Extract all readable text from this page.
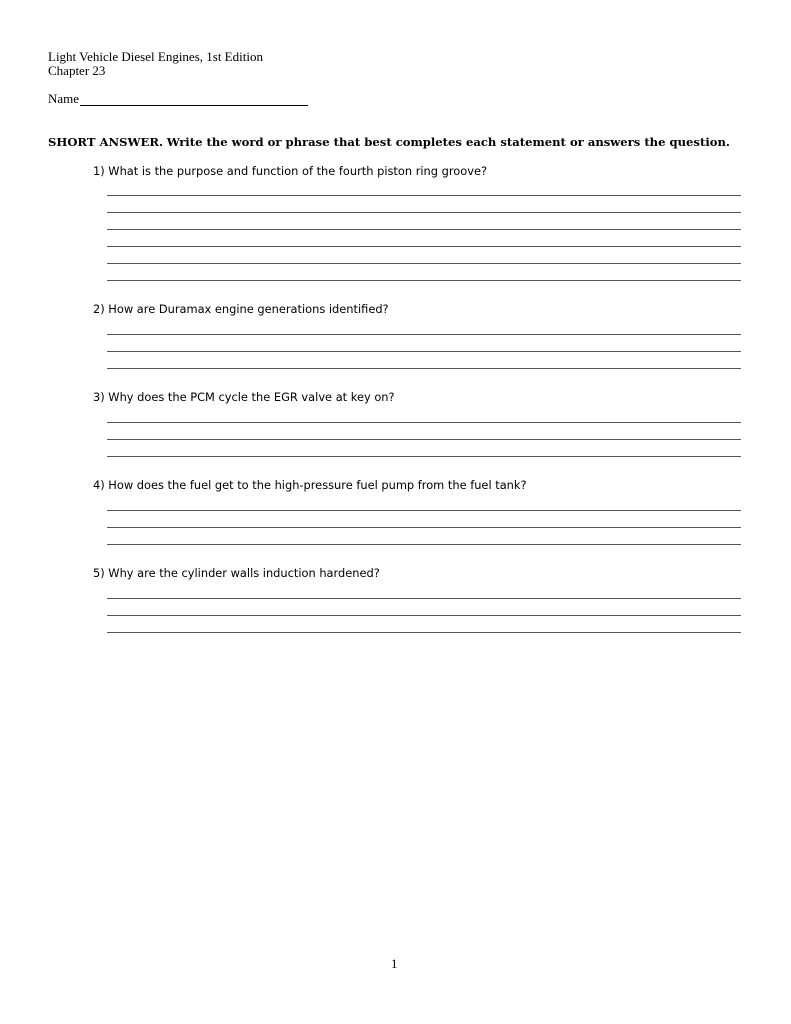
Light Vehicle Diesel Engines, 1st Edition
Chapter 23
Name
SHORT ANSWER. Write the word or phrase that best completes each statement or answers the question.
1) What is the purpose and function of the fourth piston ring groove?
2) How are Duramax engine generations identified?
3) Why does the PCM cycle the EGR valve at key on?
4) How does the fuel get to the high-pressure fuel pump from the fuel tank?
5) Why are the cylinder walls induction hardened?
1
